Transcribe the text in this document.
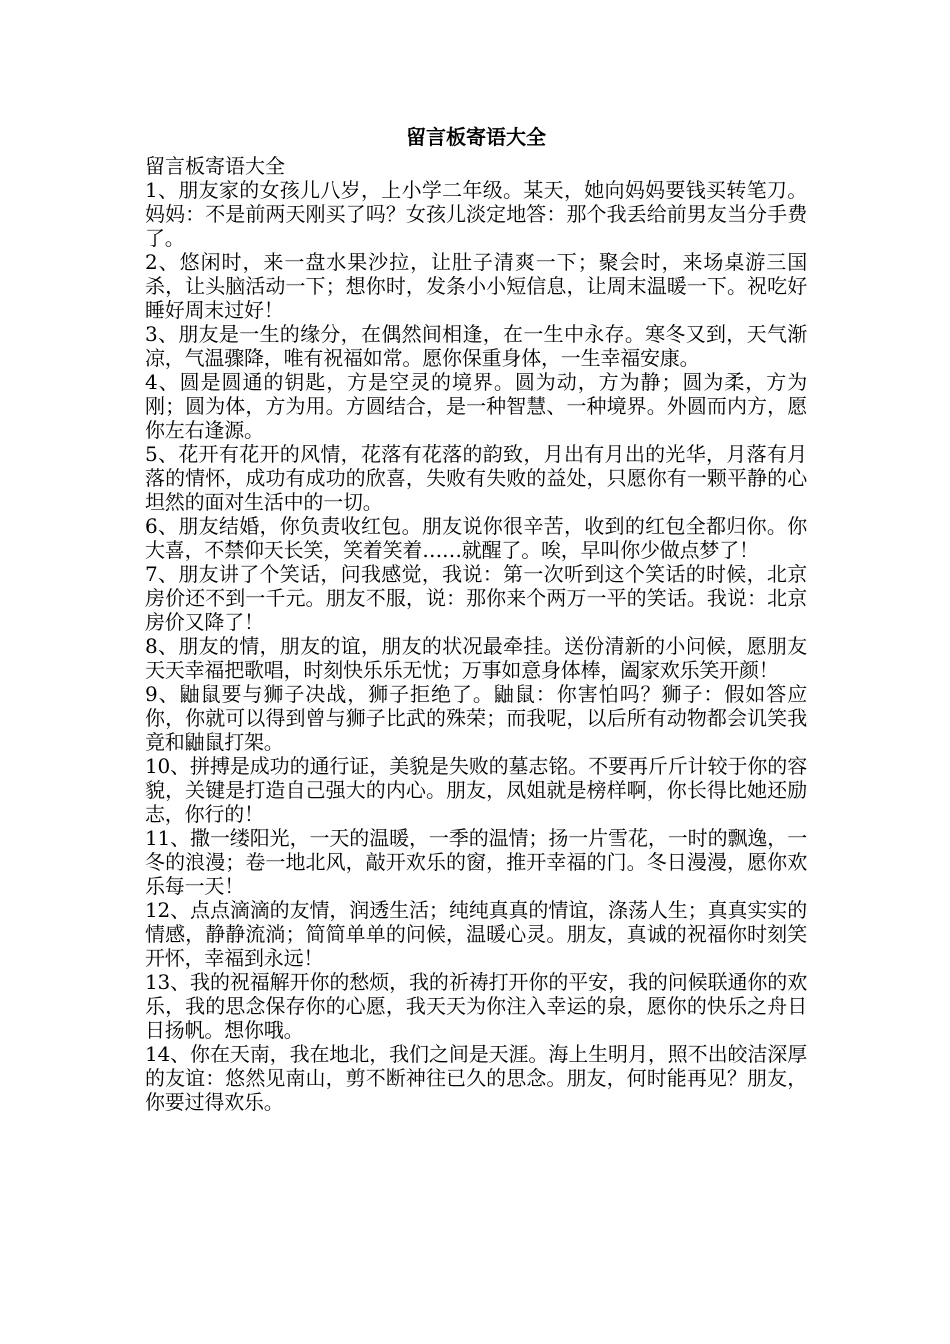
留言板寄语大全
留言板寄语大全

1、朋友家的女孩儿八岁，上小学二年级。某天，她向妈妈要钱买转笔刀。妈妈：不是前两天刚买了吗？女孩儿淡定地答：那个我丢给前男友当分手费了。

2、悠闲时，来一盘水果沙拉，让肚子清爽一下；聚会时，来场桌游三国杀，让头脑活动一下；想你时，发条小小短信息，让周末温暖一下。祝吃好睡好周末过好！

3、朋友是一生的缘分，在偶然间相逢，在一生中永存。寒冬又到，天气渐凉，气温骤降，唯有祝福如常。愿你保重身体，一生幸福安康。

4、圆是圆通的钥匙，方是空灵的境界。圆为动，方为静；圆为柔，方为刚；圆为体，方为用。方圆结合，是一种智慧、一种境界。外圆而内方，愿你左右逢源。

5、花开有花开的风情，花落有花落的韵致，月出有月出的光华，月落有月落的情怀，成功有成功的欣喜，失败有失败的益处，只愿你有一颗平静的心坦然的面对生活中的一切。

6、朋友结婚，你负责收红包。朋友说你很辛苦，收到的红包全都归你。你大喜，不禁仰天长笑，笑着笑着……就醒了。唉，早叫你少做点梦了！

7、朋友讲了个笑话，问我感觉，我说：第一次听到这个笑话的时候，北京房价还不到一千元。朋友不服，说：那你来个两万一平的笑话。我说：北京房价又降了！

8、朋友的情，朋友的谊，朋友的状况最牵挂。送份清新的小问候，愿朋友天天幸福把歌唱，时刻快乐乐无忧；万事如意身体棒，阖家欢乐笑开颜！

9、鼬鼠要与狮子决战，狮子拒绝了。鼬鼠：你害怕吗？狮子：假如答应你，你就可以得到曾与狮子比武的殊荣；而我呢，以后所有动物都会讥笑我竟和鼬鼠打架。

10、拼搏是成功的通行证，美貌是失败的墓志铭。不要再斤斤计较于你的容貌，关键是打造自己强大的内心。朋友，凤姐就是榜样啊，你长得比她还励志，你行的！

11、撒一缕阳光，一天的温暖，一季的温情；扬一片雪花，一时的飘逸，一冬的浪漫；卷一地北风，敲开欢乐的窗，推开幸福的门。冬日漫漫，愿你欢乐每一天！

12、点点滴滴的友情，润透生活；纯纯真真的情谊，涤荡人生；真真实实的情感，静静流淌；简简单单的问候，温暖心灵。朋友，真诚的祝福你时刻笑开怀，幸福到永远！

13、我的祝福解开你的愁烦，我的祈祷打开你的平安，我的问候联通你的欢乐，我的思念保存你的心愿，我天天为你注入幸运的泉，愿你的快乐之舟日日扬帆。想你哦。

14、你在天南，我在地北，我们之间是天涯。海上生明月，照不出皎洁深厚的友谊：悠然见南山，剪不断神往已久的思念。朋友，何时能再见？朋友，你要过得欢乐。
